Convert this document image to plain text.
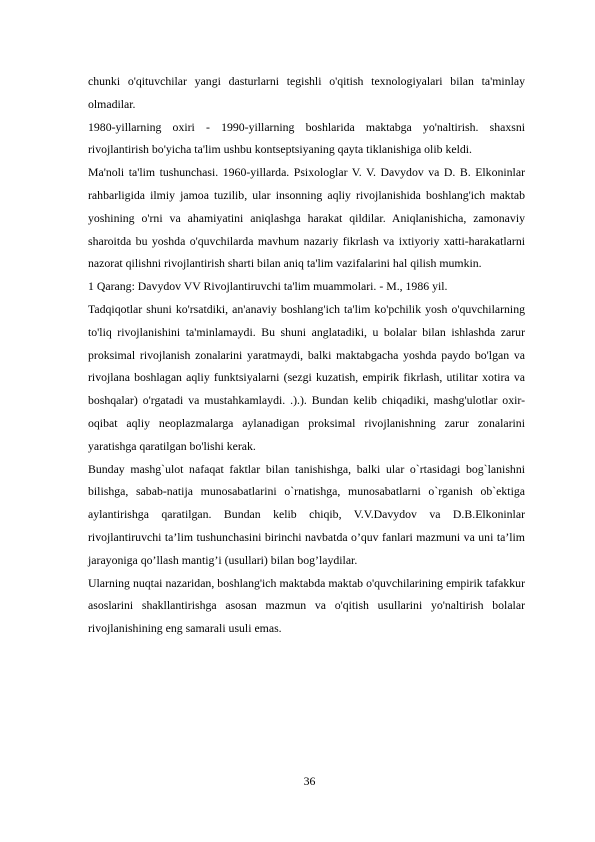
chunki o'qituvchilar yangi dasturlarni tegishli o'qitish texnologiyalari bilan ta'minlay olmadilar.

1980-yillarning oxiri - 1990-yillarning boshlarida maktabga yo'naltirish. shaxsni rivojlantirish bo'yicha ta'lim ushbu kontseptsiyaning qayta tiklanishiga olib keldi.

Ma'noli ta'lim tushunchasi. 1960-yillarda. Psixologlar V. V. Davydov va D. B. Elkoninlar rahbarligida ilmiy jamoa tuzilib, ular insonning aqliy rivojlanishida boshlang'ich maktab yoshining o'rni va ahamiyatini aniqlashga harakat qildilar. Aniqlanishicha, zamonaviy sharoitda bu yoshda o'quvchilarda mavhum nazariy fikrlash va ixtiyoriy xatti-harakatlarni nazorat qilishni rivojlantirish sharti bilan aniq ta'lim vazifalarini hal qilish mumkin.

1 Qarang: Davydov VV Rivojlantiruvchi ta'lim muammolari. - M., 1986 yil.

Tadqiqotlar shuni ko'rsatdiki, an'anaviy boshlang'ich ta'lim ko'pchilik yosh o'quvchilarning to'liq rivojlanishini ta'minlamaydi. Bu shuni anglatadiki, u bolalar bilan ishlashda zarur proksimal rivojlanish zonalarini yaratmaydi, balki maktabgacha yoshda paydo bo'lgan va rivojlana boshlagan aqliy funktsiyalarni (sezgi kuzatish, empirik fikrlash, utilitar xotira va boshqalar) o'rgatadi va mustahkamlaydi. .).). Bundan kelib chiqadiki, mashg'ulotlar oxir-oqibat aqliy neoplazmalarga aylanadigan proksimal rivojlanishning zarur zonalarini yaratishga qaratilgan bo'lishi kerak.

Bunday mashg`ulot nafaqat faktlar bilan tanishishga, balki ular o`rtasidagi bog`lanishni bilishga, sabab-natija munosabatlarini o`rnatishga, munosabatlarni o`rganish ob`ektiga aylantirishga qaratilgan. Bundan kelib chiqib, V.V.Davydov va D.B.Elkoninlar rivojlantiruvchi ta’lim tushunchasini birinchi navbatda o’quv fanlari mazmuni va uni ta’lim jarayoniga qo’llash mantig’i (usullari) bilan bog’laydilar.

Ularning nuqtai nazaridan, boshlang'ich maktabda maktab o'quvchilarining empirik tafakkur asoslarini shakllantirishga asosan mazmun va o'qitish usullarini yo'naltirish bolalar rivojlanishining eng samarali usuli emas.

36
